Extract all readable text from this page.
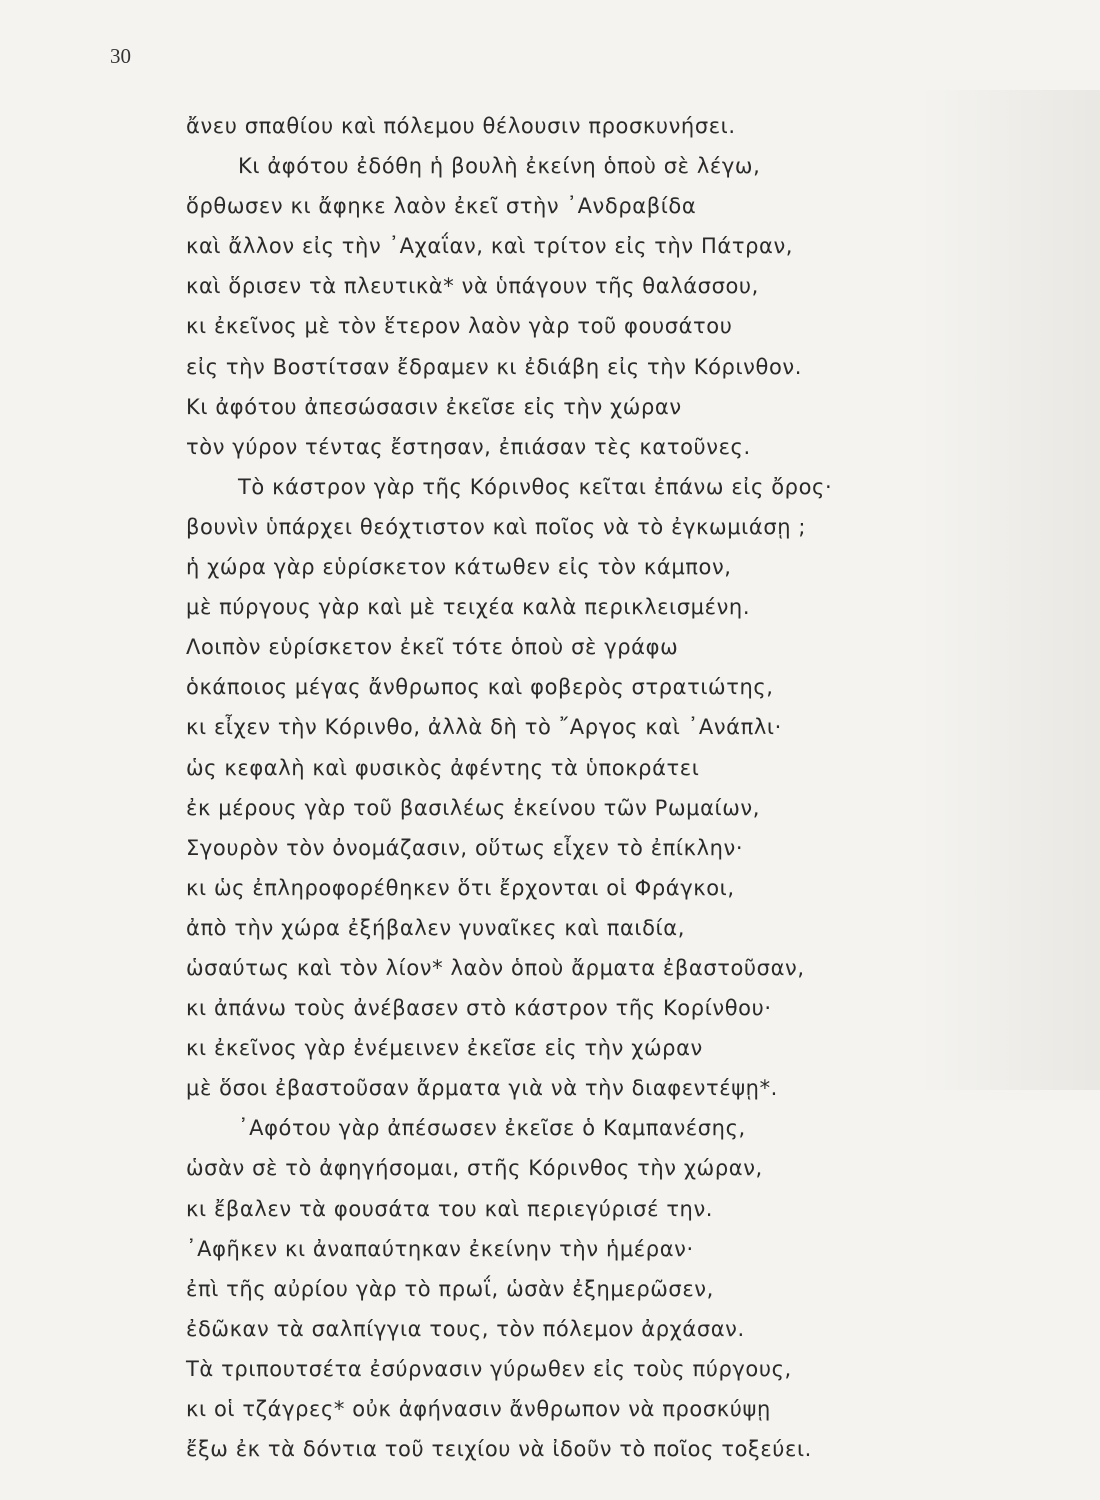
30
ἄνευ σπαθίου καὶ πόλεμου θέλουσιν προσκυνήσει.
Κι ἀφότου ἐδόθη ἡ βουλὴ ἐκείνη ὁποὺ σὲ λέγω,
ὅρθωσεν κι ἄφηκε λαὸν ἐκεῖ στὴν ᾿Ανδραβίδα
καὶ ἄλλον εἰς τὴν ᾿Αχαΐαν, καὶ τρίτον εἰς τὴν Πάτραν,
καὶ ὅρισεν τὰ πλευτικὰ* νὰ ὑπάγουν τῆς θαλάσσου,
κι ἐκεῖνος μὲ τὸν ἕτερον λαὸν γὰρ τοῦ φουσάτου
εἰς τὴν Βοστίτσαν ἔδραμεν κι ἐδιάβη εἰς τὴν Κόρινθον.
Κι ἀφότου ἀπεσώσασιν ἐκεῖσε εἰς τὴν χώραν
τὸν γύρον τέντας ἔστησαν, ἐπιάσαν τὲς κατοῦνες.
Τὸ κάστρον γὰρ τῆς Κόρινθος κεῖται ἐπάνω εἰς ὄρος·
βουνὶν ὑπάρχει θεόχτιστον καὶ ποῖος νὰ τὸ ἐγκωμιάσῃ ;
ἡ χώρα γὰρ εὑρίσκετον κάτωθεν εἰς τὸν κάμπον,
μὲ πύργους γὰρ καὶ μὲ τειχέα καλὰ περικλεισμένη.
Λοιπὸν εὑρίσκετον ἐκεῖ τότε ὁποὺ σὲ γράφω
ὁκάποιος μέγας ἄνθρωπος καὶ φοβερὸς στρατιώτης,
κι εἶχεν τὴν Κόρινθο, ἀλλὰ δὴ τὸ ῎Αργος καὶ ᾿Ανάπλι·
ὡς κεφαλὴ καὶ φυσικὸς ἀφέντης τὰ ὑποκράτει
ἐκ μέρους γὰρ τοῦ βασιλέως ἐκείνου τῶν Ρωμαίων,
Σγουρὸν τὸν ὀνομάζασιν, οὕτως εἶχεν τὸ ἐπίκλην·
κι ὡς ἐπληροφορέθηκεν ὅτι ἔρχονται οἱ Φράγκοι,
ἀπὸ τὴν χώρα ἐξήβαλεν γυναῖκες καὶ παιδία,
ὡσαύτως καὶ τὸν λίον* λαὸν ὁποὺ ἄρματα ἐβαστοῦσαν,
κι ἀπάνω τοὺς ἀνέβασεν στὸ κάστρον τῆς Κορίνθου·
κι ἐκεῖνος γὰρ ἐνέμεινεν ἐκεῖσε εἰς τὴν χώραν
μὲ ὅσοι ἐβαστοῦσαν ἄρματα γιὰ νὰ τὴν διαφεντέψῃ*.
᾿Αφότου γὰρ ἀπέσωσεν ἐκεῖσε ὁ Καμπανέσης,
ὡσὰν σὲ τὸ ἀφηγήσομαι, στῆς Κόρινθος τὴν χώραν,
κι ἔβαλεν τὰ φουσάτα του καὶ περιεγύρισέ την.
᾿Αφῆκεν κι ἀναπαύτηκαν ἐκείνην τὴν ἡμέραν·
ἐπὶ τῆς αὐρίου γὰρ τὸ πρωΐ, ὡσὰν ἐξημερῶσεν,
ἐδῶκαν τὰ σαλπίγγια τους, τὸν πόλεμον ἀρχάσαν.
Τὰ τριπουτσέτα ἐσύρνασιν γύρωθεν εἰς τοὺς πύργους,
κι οἱ τζάγρες* οὐκ ἀφήνασιν ἄνθρωπον νὰ προσκύψῃ
ἔξω ἐκ τὰ δόντια τοῦ τειχίου νὰ ἰδοῦν τὸ ποῖος τοξεύει.
